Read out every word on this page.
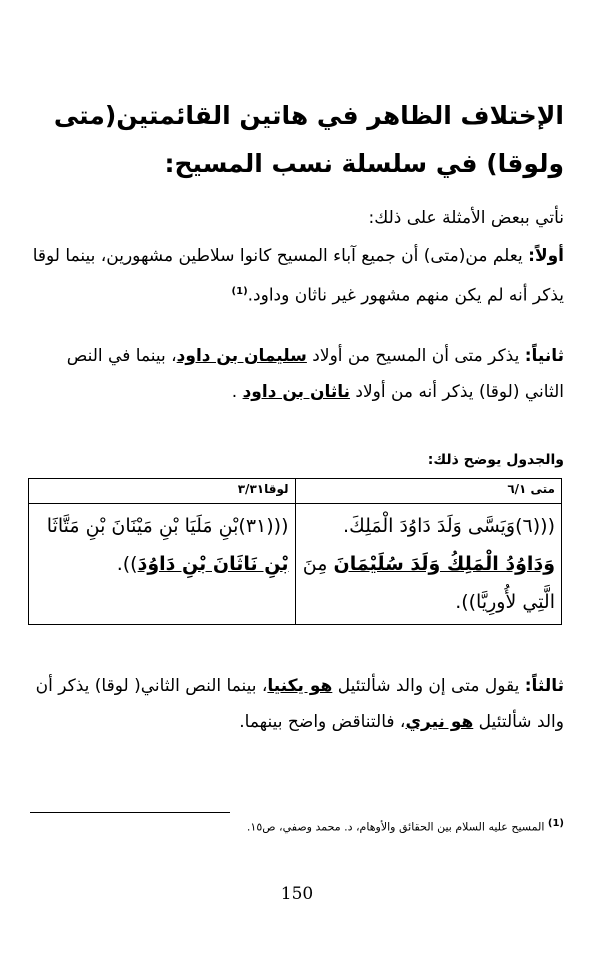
الإختلاف الظاهر في هاتين القائمتين(متى ولوقا) في سلسلة نسب المسيح:
نأتي ببعض الأمثلة على ذلك:
أولاً: يعلم من(متى) أن جميع آباء المسيح كانوا سلاطين مشهورين، بينما لوقا يذكر أنه لم يكن منهم مشهور غير ناثان وداود.$^{(1)}$
ثانياً: يذكر متى أن المسيح من أولاد سليمان بن داود، بينما في النص الثاني (لوقا) يذكر أنه من أولاد ناثان بن داود .
والجدول يوضح ذلك:
متى ٦/١	لوقا٣/٣١
(((٦)وَيَسَّى وَلَدَ دَاوُدَ الْمَلِكَ. وَدَاوُدُ الْمَلِكُ وَلَدَ سُلَيْمَانَ مِنَ الَّتِي لأُورِيَّا)).	(((٣١)بْنِ مَلَيَا بْنِ مَيْنَانَ بْنِ مَتَّاثَا بْنِ نَاثَانَ بْنِ دَاوُدَ)).
ثالثاً: يقول متى إن والد شألتئيل هو يكنيا، بينما النص الثاني( لوقا) يذكر أن والد شألتئيل هو نيري، فالتناقض واضح بينهما.
$^{(1)}$ المسيح عليه السلام بين الحقائق والأوهام، د. محمد وصفي، ص١٥.
150
